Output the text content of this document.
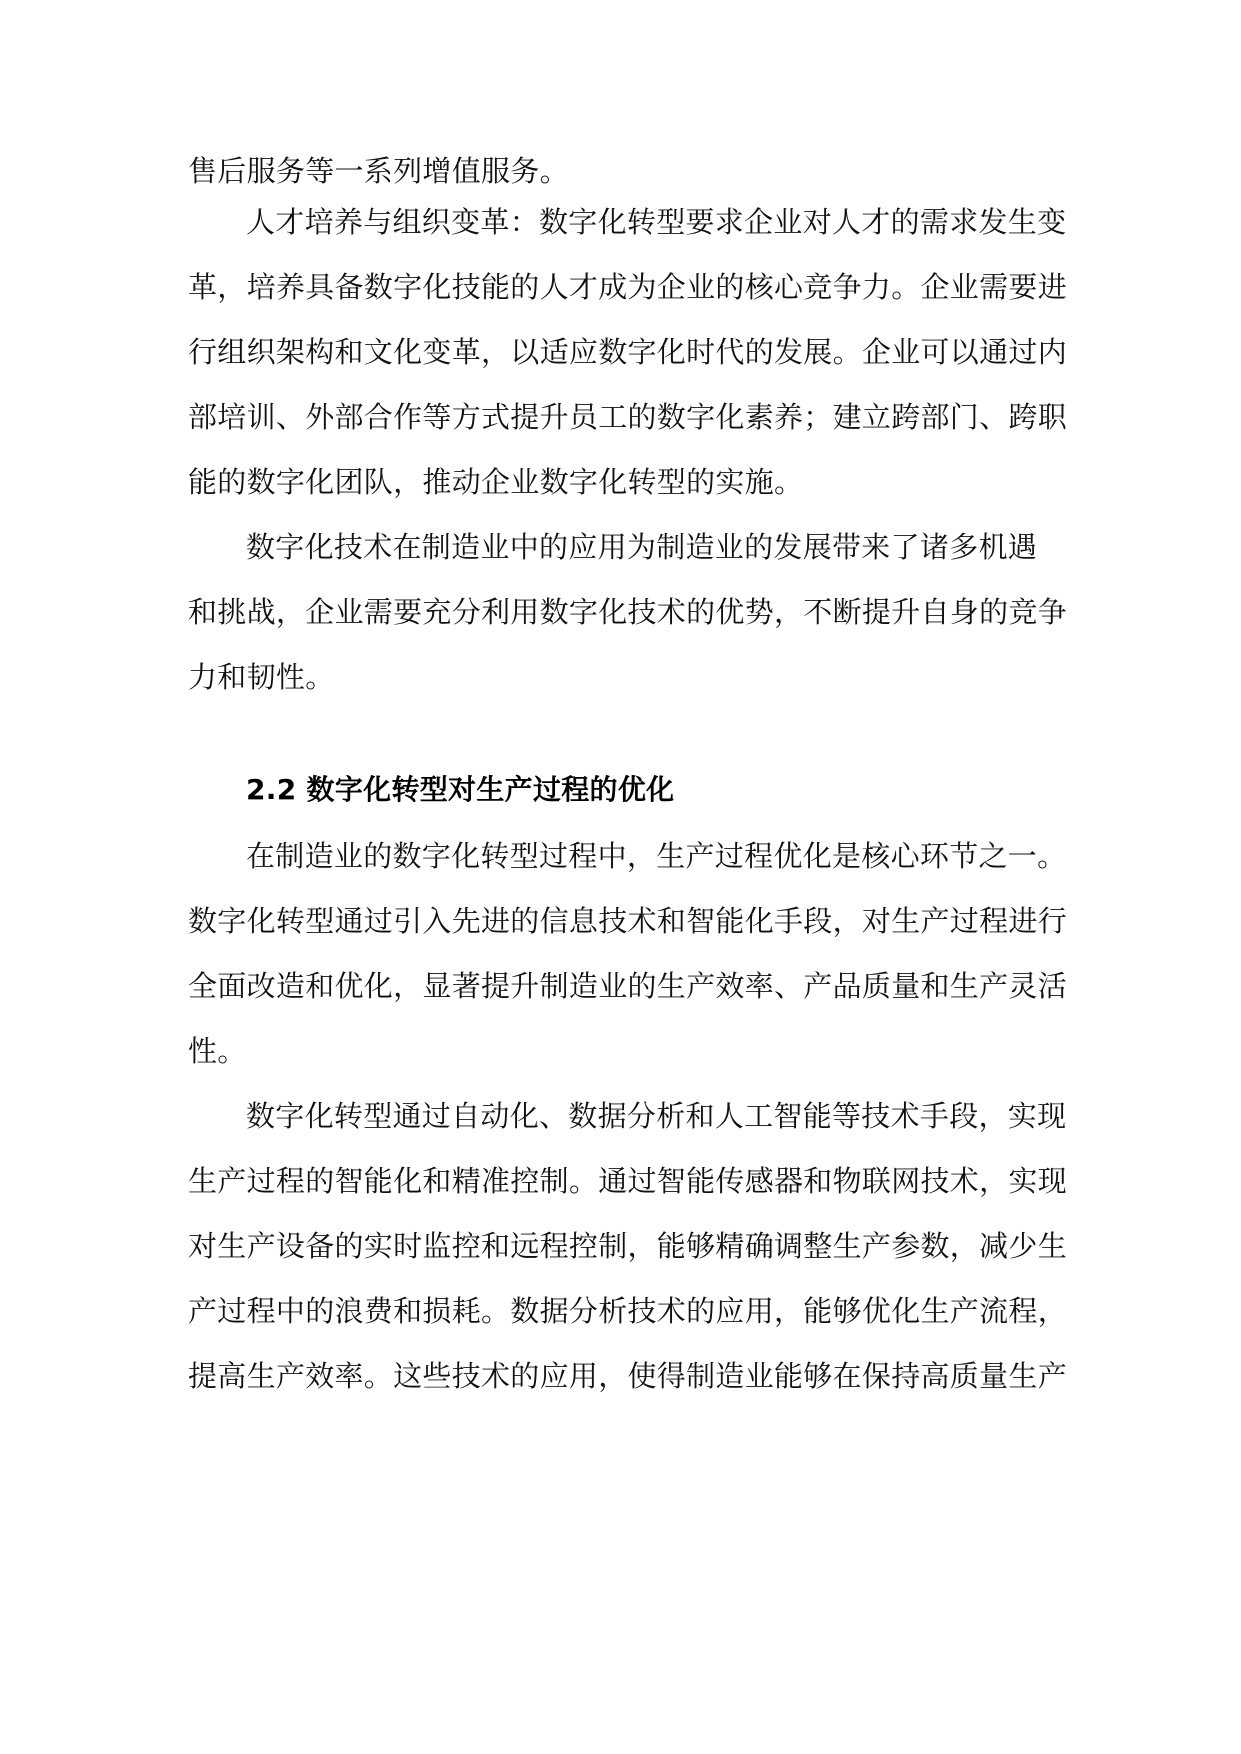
售后服务等一系列增值服务。
人才培养与组织变革：数字化转型要求企业对人才的需求发生变
革，培养具备数字化技能的人才成为企业的核心竞争力。企业需要进
行组织架构和文化变革，以适应数字化时代的发展。企业可以通过内
部培训、外部合作等方式提升员工的数字化素养；建立跨部门、跨职
能的数字化团队，推动企业数字化转型的实施。
数字化技术在制造业中的应用为制造业的发展带来了诸多机遇
和挑战，企业需要充分利用数字化技术的优势，不断提升自身的竞争
力和韧性。
2.2 数字化转型对生产过程的优化
在制造业的数字化转型过程中，生产过程优化是核心环节之一。
数字化转型通过引入先进的信息技术和智能化手段，对生产过程进行
全面改造和优化，显著提升制造业的生产效率、产品质量和生产灵活
性。
数字化转型通过自动化、数据分析和人工智能等技术手段，实现
生产过程的智能化和精准控制。通过智能传感器和物联网技术，实现
对生产设备的实时监控和远程控制，能够精确调整生产参数，减少生
产过程中的浪费和损耗。数据分析技术的应用，能够优化生产流程，
提高生产效率。这些技术的应用，使得制造业能够在保持高质量生产
